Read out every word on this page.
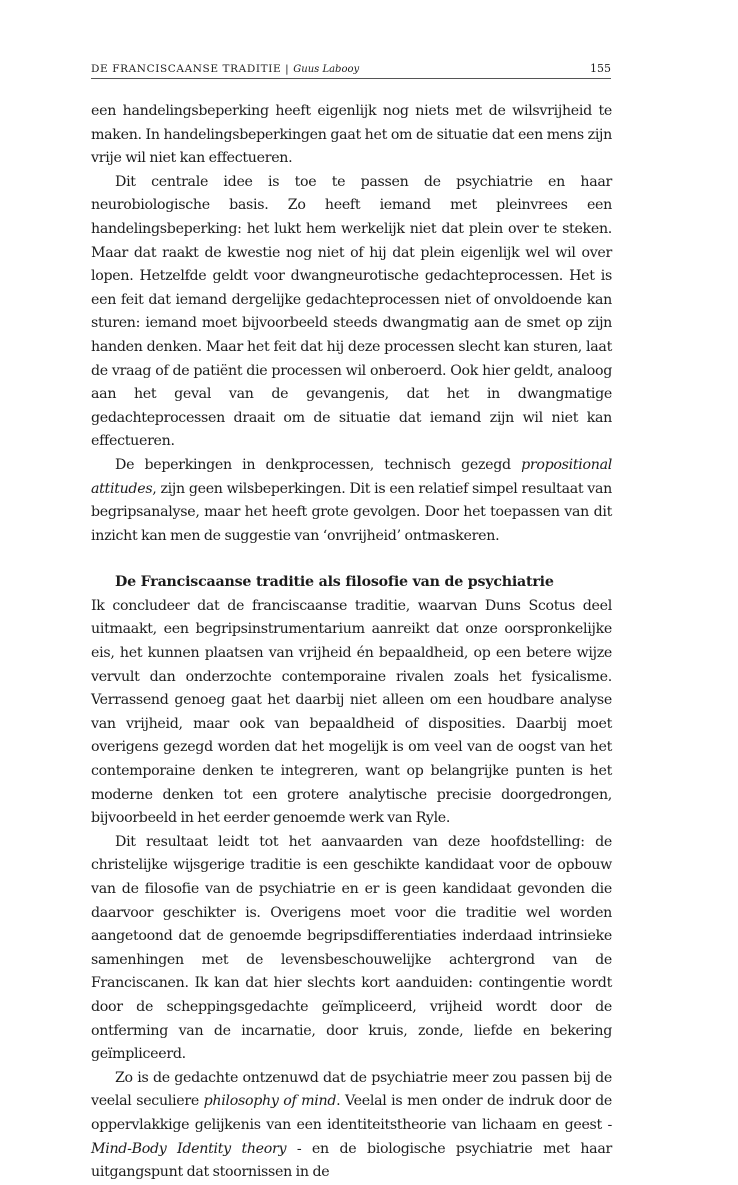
DE FRANCISCAANSE TRADITIE | Guus Labooy	155

een handelingsbeperking heeft eigenlijk nog niets met de wilsvrijheid te maken. In handelingsbeperkingen gaat het om de situatie dat een mens zijn vrije wil niet kan effectueren.

Dit centrale idee is toe te passen de psychiatrie en haar neurobiologische basis. Zo heeft iemand met pleinvrees een handelingsbeperking: het lukt hem werkelijk niet dat plein over te steken. Maar dat raakt de kwestie nog niet of hij dat plein eigenlijk wel wil over lopen. Hetzelfde geldt voor dwangneurotische gedachteprocessen. Het is een feit dat iemand dergelijke gedachteprocessen niet of onvoldoende kan sturen: iemand moet bijvoorbeeld steeds dwangmatig aan de smet op zijn handen denken. Maar het feit dat hij deze processen slecht kan sturen, laat de vraag of de patiënt die processen wil onberoerd. Ook hier geldt, analoog aan het geval van de gevangenis, dat het in dwangmatige gedachteprocessen draait om de situatie dat iemand zijn wil niet kan effectueren.

De beperkingen in denkprocessen, technisch gezegd propositional attitudes, zijn geen wilsbeperkingen. Dit is een relatief simpel resultaat van begripsanalyse, maar het heeft grote gevolgen. Door het toepassen van dit inzicht kan men de suggestie van ‘onvrijheid’ ontmaskeren.

De Franciscaanse traditie als filosofie van de psychiatrie

Ik concludeer dat de franciscaanse traditie, waarvan Duns Scotus deel uitmaakt, een begripsinstrumentarium aanreikt dat onze oorspronkelijke eis, het kunnen plaatsen van vrijheid én bepaaldheid, op een betere wijze vervult dan onderzochte contemporaine rivalen zoals het fysicalisme. Verrassend genoeg gaat het daarbij niet alleen om een houdbare analyse van vrijheid, maar ook van bepaaldheid of disposities. Daarbij moet overigens gezegd worden dat het mogelijk is om veel van de oogst van het contemporaine denken te integreren, want op belangrijke punten is het moderne denken tot een grotere analytische precisie doorgedrongen, bijvoorbeeld in het eerder genoemde werk van Ryle.

Dit resultaat leidt tot het aanvaarden van deze hoofdstelling: de christelijke wijsgerige traditie is een geschikte kandidaat voor de opbouw van de filosofie van de psychiatrie en er is geen kandidaat gevonden die daarvoor geschikter is. Overigens moet voor die traditie wel worden aangetoond dat de genoemde begripsdifferentiaties inderdaad intrinsieke samenhingen met de levensbeschouwelijke achtergrond van de Franciscanen. Ik kan dat hier slechts kort aanduiden: contingentie wordt door de scheppingsgedachte geïmpliceerd, vrijheid wordt door de ontferming van de incarnatie, door kruis, zonde, liefde en bekering geïmpliceerd.

Zo is de gedachte ontzenuwd dat de psychiatrie meer zou passen bij de veelal seculiere philosophy of mind. Veelal is men onder de indruk door de oppervlakkige gelijkenis van een identiteitstheorie van lichaam en geest - Mind-Body Identity theory - en de biologische psychiatrie met haar uitgangspunt dat stoornissen in de
